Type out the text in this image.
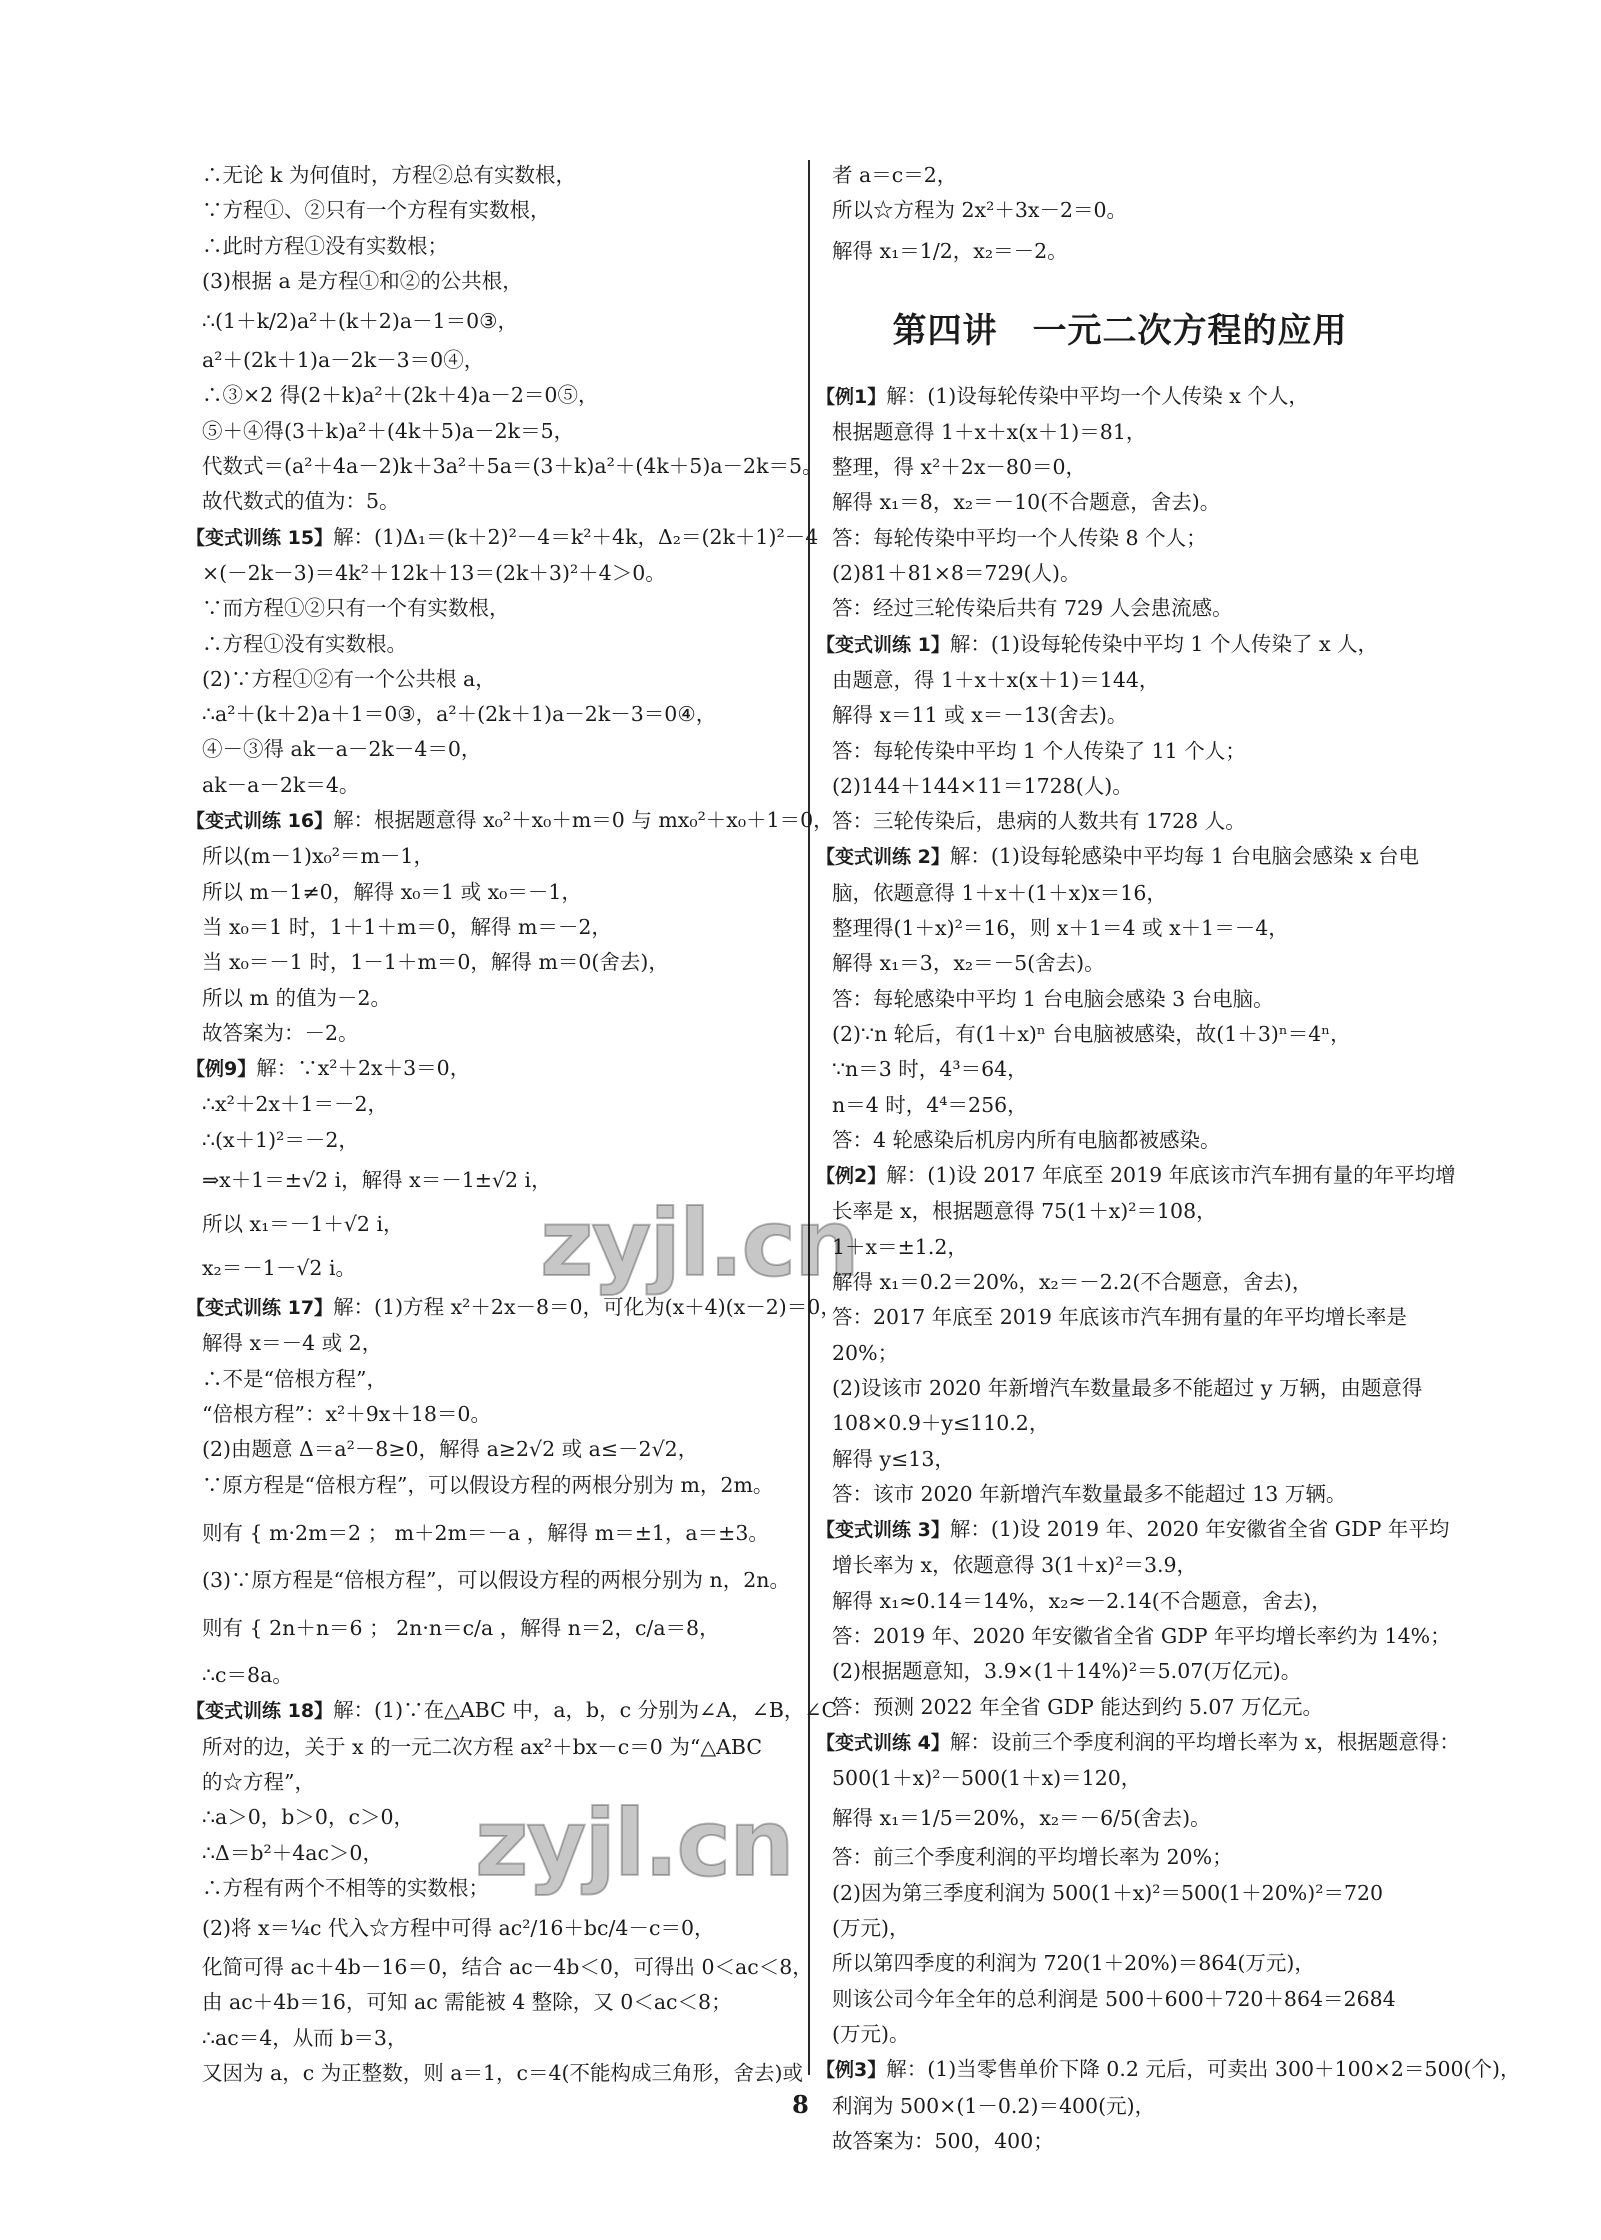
∴无论 k 为何值时，方程②总有实数根，
∵方程①、②只有一个方程有实数根，
∴此时方程①没有实数根；
(3)根据 a 是方程①和②的公共根，
∴(1＋k/2)a²＋(k＋2)a－1＝0③，
a²＋(2k＋1)a－2k－3＝0④，
∴③×2 得(2＋k)a²＋(2k＋4)a－2＝0⑤，
⑤＋④得(3＋k)a²＋(4k＋5)a－2k＝5，
代数式＝(a²＋4a－2)k＋3a²＋5a＝(3＋k)a²＋(4k＋5)a－2k＝5。
故代数式的值为：5。
【变式训练 15】解：(1)Δ₁＝(k＋2)²－4＝k²＋4k，Δ₂＝(2k＋1)²－4
×(－2k－3)＝4k²＋12k＋13＝(2k＋3)²＋4＞0。
∵而方程①②只有一个有实数根，
∴方程①没有实数根。
(2)∵方程①②有一个公共根 a，
∴a²＋(k＋2)a＋1＝0③，a²＋(2k＋1)a－2k－3＝0④，
④－③得 ak－a－2k－4＝0，
ak－a－2k＝4。
【变式训练 16】解：根据题意得 x₀²＋x₀＋m＝0 与 mx₀²＋x₀＋1＝0，
所以(m－1)x₀²＝m－1，
所以 m－1≠0，解得 x₀＝1 或 x₀＝－1，
当 x₀＝1 时，1＋1＋m＝0，解得 m＝－2，
当 x₀＝－1 时，1－1＋m＝0，解得 m＝0(舍去)，
所以 m 的值为－2。
故答案为：－2。
【例9】解：∵x²＋2x＋3＝0，
∴x²＋2x＋1＝－2，
∴(x＋1)²＝－2，
⇒x＋1＝±√2 i，解得 x＝－1±√2 i，
所以 x₁＝－1＋√2 i，
x₂＝－1－√2 i。
【变式训练 17】解：(1)方程 x²＋2x－8＝0，可化为(x＋4)(x－2)＝0，
解得 x＝－4 或 2，
∴不是“倍根方程”，
“倍根方程”：x²＋9x＋18＝0。
(2)由题意 Δ＝a²－8≥0，解得 a≥2√2 或 a≤－2√2，
∵原方程是“倍根方程”，可以假设方程的两根分别为 m，2m。
则有 { m·2m＝2 ； m＋2m＝－a ，解得 m＝±1，a＝±3。
(3)∵原方程是“倍根方程”，可以假设方程的两根分别为 n，2n。
则有 { 2n＋n＝6 ； 2n·n＝c/a ，解得 n＝2，c/a＝8，
∴c＝8a。
【变式训练 18】解：(1)∵在△ABC 中，a，b，c 分别为∠A，∠B，∠C
所对的边，关于 x 的一元二次方程 ax²＋bx－c＝0 为“△ABC
的☆方程”，
∴a＞0，b＞0，c＞0，
∴Δ＝b²＋4ac＞0，
∴方程有两个不相等的实数根；
(2)将 x＝¼c 代入☆方程中可得 ac²/16＋bc/4－c＝0，
化简可得 ac＋4b－16＝0，结合 ac－4b＜0，可得出 0＜ac＜8，
由 ac＋4b＝16，可知 ac 需能被 4 整除，又 0＜ac＜8；
∴ac＝4，从而 b＝3，
又因为 a，c 为正整数，则 a＝1，c＝4(不能构成三角形，舍去)或
者 a＝c＝2，
所以☆方程为 2x²＋3x－2＝0。
解得 x₁＝1/2，x₂＝－2。
第四讲　一元二次方程的应用
【例1】解：(1)设每轮传染中平均一个人传染 x 个人，
根据题意得 1＋x＋x(x＋1)＝81，
整理，得 x²＋2x－80＝0，
解得 x₁＝8，x₂＝－10(不合题意，舍去)。
答：每轮传染中平均一个人传染 8 个人；
(2)81＋81×8＝729(人)。
答：经过三轮传染后共有 729 人会患流感。
【变式训练 1】解：(1)设每轮传染中平均 1 个人传染了 x 人，
由题意，得 1＋x＋x(x＋1)＝144，
解得 x＝11 或 x＝－13(舍去)。
答：每轮传染中平均 1 个人传染了 11 个人；
(2)144＋144×11＝1728(人)。
答：三轮传染后，患病的人数共有 1728 人。
【变式训练 2】解：(1)设每轮感染中平均每 1 台电脑会感染 x 台电
脑，依题意得 1＋x＋(1＋x)x＝16，
整理得(1＋x)²＝16，则 x＋1＝4 或 x＋1＝－4，
解得 x₁＝3，x₂＝－5(舍去)。
答：每轮感染中平均 1 台电脑会感染 3 台电脑。
(2)∵n 轮后，有(1＋x)ⁿ 台电脑被感染，故(1＋3)ⁿ＝4ⁿ，
∵n＝3 时，4³＝64，
n＝4 时，4⁴＝256，
答：4 轮感染后机房内所有电脑都被感染。
【例2】解：(1)设 2017 年底至 2019 年底该市汽车拥有量的年平均增
长率是 x，根据题意得 75(1＋x)²＝108，
1＋x＝±1.2，
解得 x₁＝0.2＝20%，x₂＝－2.2(不合题意，舍去)，
答：2017 年底至 2019 年底该市汽车拥有量的年平均增长率是
20%；
(2)设该市 2020 年新增汽车数量最多不能超过 y 万辆，由题意得
108×0.9＋y≤110.2，
解得 y≤13，
答：该市 2020 年新增汽车数量最多不能超过 13 万辆。
【变式训练 3】解：(1)设 2019 年、2020 年安徽省全省 GDP 年平均
增长率为 x，依题意得 3(1＋x)²＝3.9，
解得 x₁≈0.14＝14%，x₂≈－2.14(不合题意，舍去)，
答：2019 年、2020 年安徽省全省 GDP 年平均增长率约为 14%；
(2)根据题意知，3.9×(1＋14%)²＝5.07(万亿元)。
答：预测 2022 年全省 GDP 能达到约 5.07 万亿元。
【变式训练 4】解：设前三个季度利润的平均增长率为 x，根据题意得：
500(1＋x)²－500(1＋x)＝120，
解得 x₁＝1/5＝20%，x₂＝－6/5(舍去)。
答：前三个季度利润的平均增长率为 20%；
(2)因为第三季度利润为 500(1＋x)²＝500(1＋20%)²＝720
(万元)，
所以第四季度的利润为 720(1＋20%)＝864(万元)，
则该公司今年全年的总利润是 500＋600＋720＋864＝2684
(万元)。
【例3】解：(1)当零售单价下降 0.2 元后，可卖出 300＋100×2＝500(个)，
利润为 500×(1－0.2)＝400(元)，
故答案为：500，400；
8
zyjl.cn
zyjl.cn
